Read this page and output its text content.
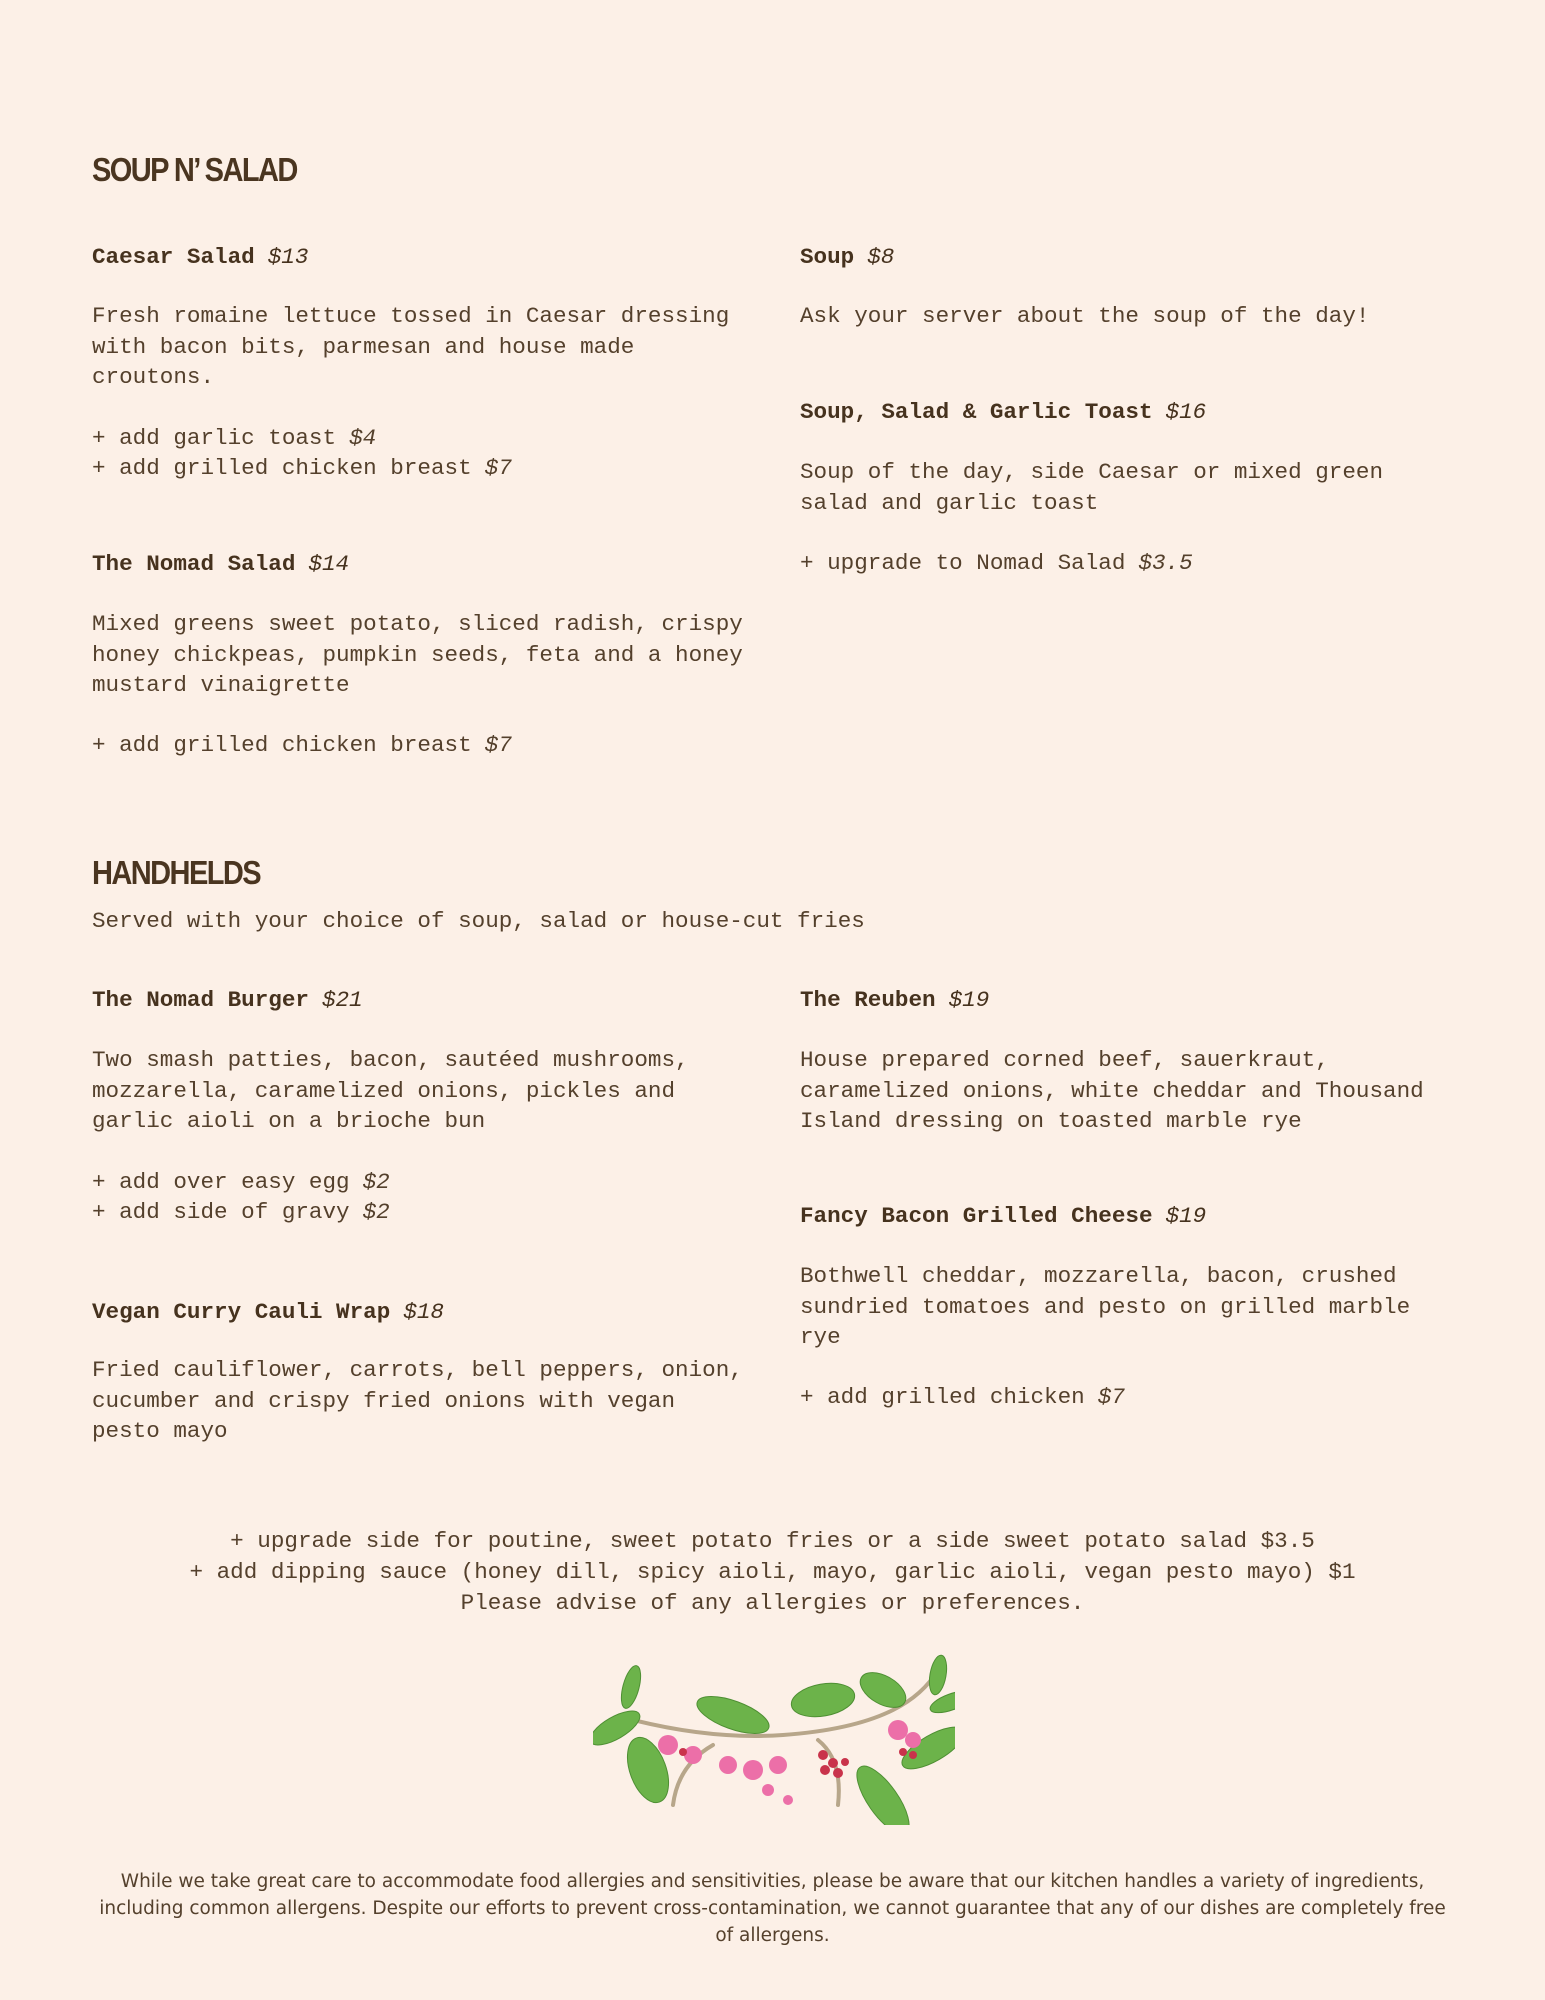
SOUP N’ SALAD
Caesar Salad $13
Fresh romaine lettuce tossed in Caesar dressing with bacon bits, parmesan and house made croutons.
+ add garlic toast $4
+ add grilled chicken breast $7
The Nomad Salad $14
Mixed greens sweet potato, sliced radish, crispy honey chickpeas, pumpkin seeds, feta and a honey mustard vinaigrette
+ add grilled chicken breast $7
Soup $8
Ask your server about the soup of the day!
Soup, Salad & Garlic Toast $16
Soup of the day, side Caesar or mixed green salad and garlic toast
+ upgrade to Nomad Salad $3.5
HANDHELDS
Served with your choice of soup, salad or house-cut fries
The Nomad Burger $21
Two smash patties, bacon, sautéed mushrooms, mozzarella, caramelized onions, pickles and garlic aioli on a brioche bun
+ add over easy egg $2
+ add side of gravy $2
Vegan Curry Cauli Wrap $18
Fried cauliflower, carrots, bell peppers, onion, cucumber and crispy fried onions with vegan pesto mayo
The Reuben $19
House prepared corned beef, sauerkraut, caramelized onions, white cheddar and Thousand Island dressing on toasted marble rye
Fancy Bacon Grilled Cheese $19
Bothwell cheddar, mozzarella, bacon, crushed sundried tomatoes and pesto on grilled marble rye
+ add grilled chicken $7
+ upgrade side for poutine, sweet potato fries or a side sweet potato salad $3.5
+ add dipping sauce (honey dill, spicy aioli, mayo, garlic aioli, vegan pesto mayo) $1
Please advise of any allergies or preferences.
While we take great care to accommodate food allergies and sensitivities, please be aware that our kitchen handles a variety of ingredients, including common allergens. Despite our efforts to prevent cross-contamination, we cannot guarantee that any of our dishes are completely free of allergens.
